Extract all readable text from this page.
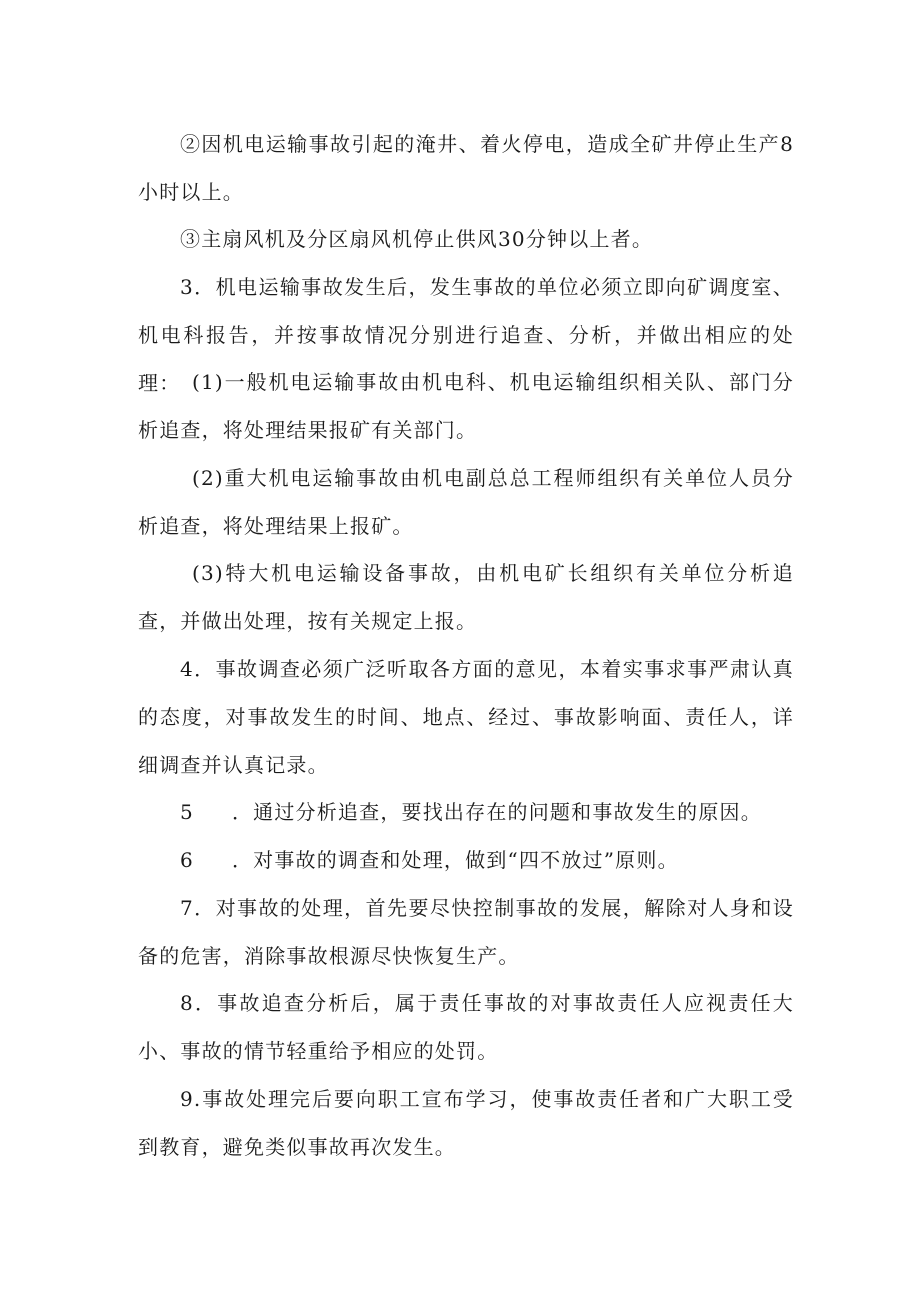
②因机电运输事故引起的淹井、着火停电，造成全矿井停止生产8小时以上。

③主扇风机及分区扇风机停止供风30分钟以上者。

3．机电运输事故发生后，发生事故的单位必须立即向矿调度室、机电科报告，并按事故情况分别进行追查、分析，并做出相应的处理： (1)一般机电运输事故由机电科、机电运输组织相关队、部门分析追查，将处理结果报矿有关部门。

(2)重大机电运输事故由机电副总总工程师组织有关单位人员分析追查，将处理结果上报矿。

(3)特大机电运输设备事故，由机电矿长组织有关单位分析追查，并做出处理，按有关规定上报。

4．事故调查必须广泛听取各方面的意见，本着实事求事严肃认真的态度，对事故发生的时间、地点、经过、事故影响面、责任人，详细调查并认真记录。

5 ．通过分析追查，要找出存在的问题和事故发生的原因。

6 ．对事故的调查和处理，做到“四不放过”原则。

7．对事故的处理，首先要尽快控制事故的发展，解除对人身和设备的危害，消除事故根源尽快恢复生产。

8．事故追查分析后，属于责任事故的对事故责任人应视责任大小、事故的情节轻重给予相应的处罚。

9.事故处理完后要向职工宣布学习，使事故责任者和广大职工受到教育，避免类似事故再次发生。
